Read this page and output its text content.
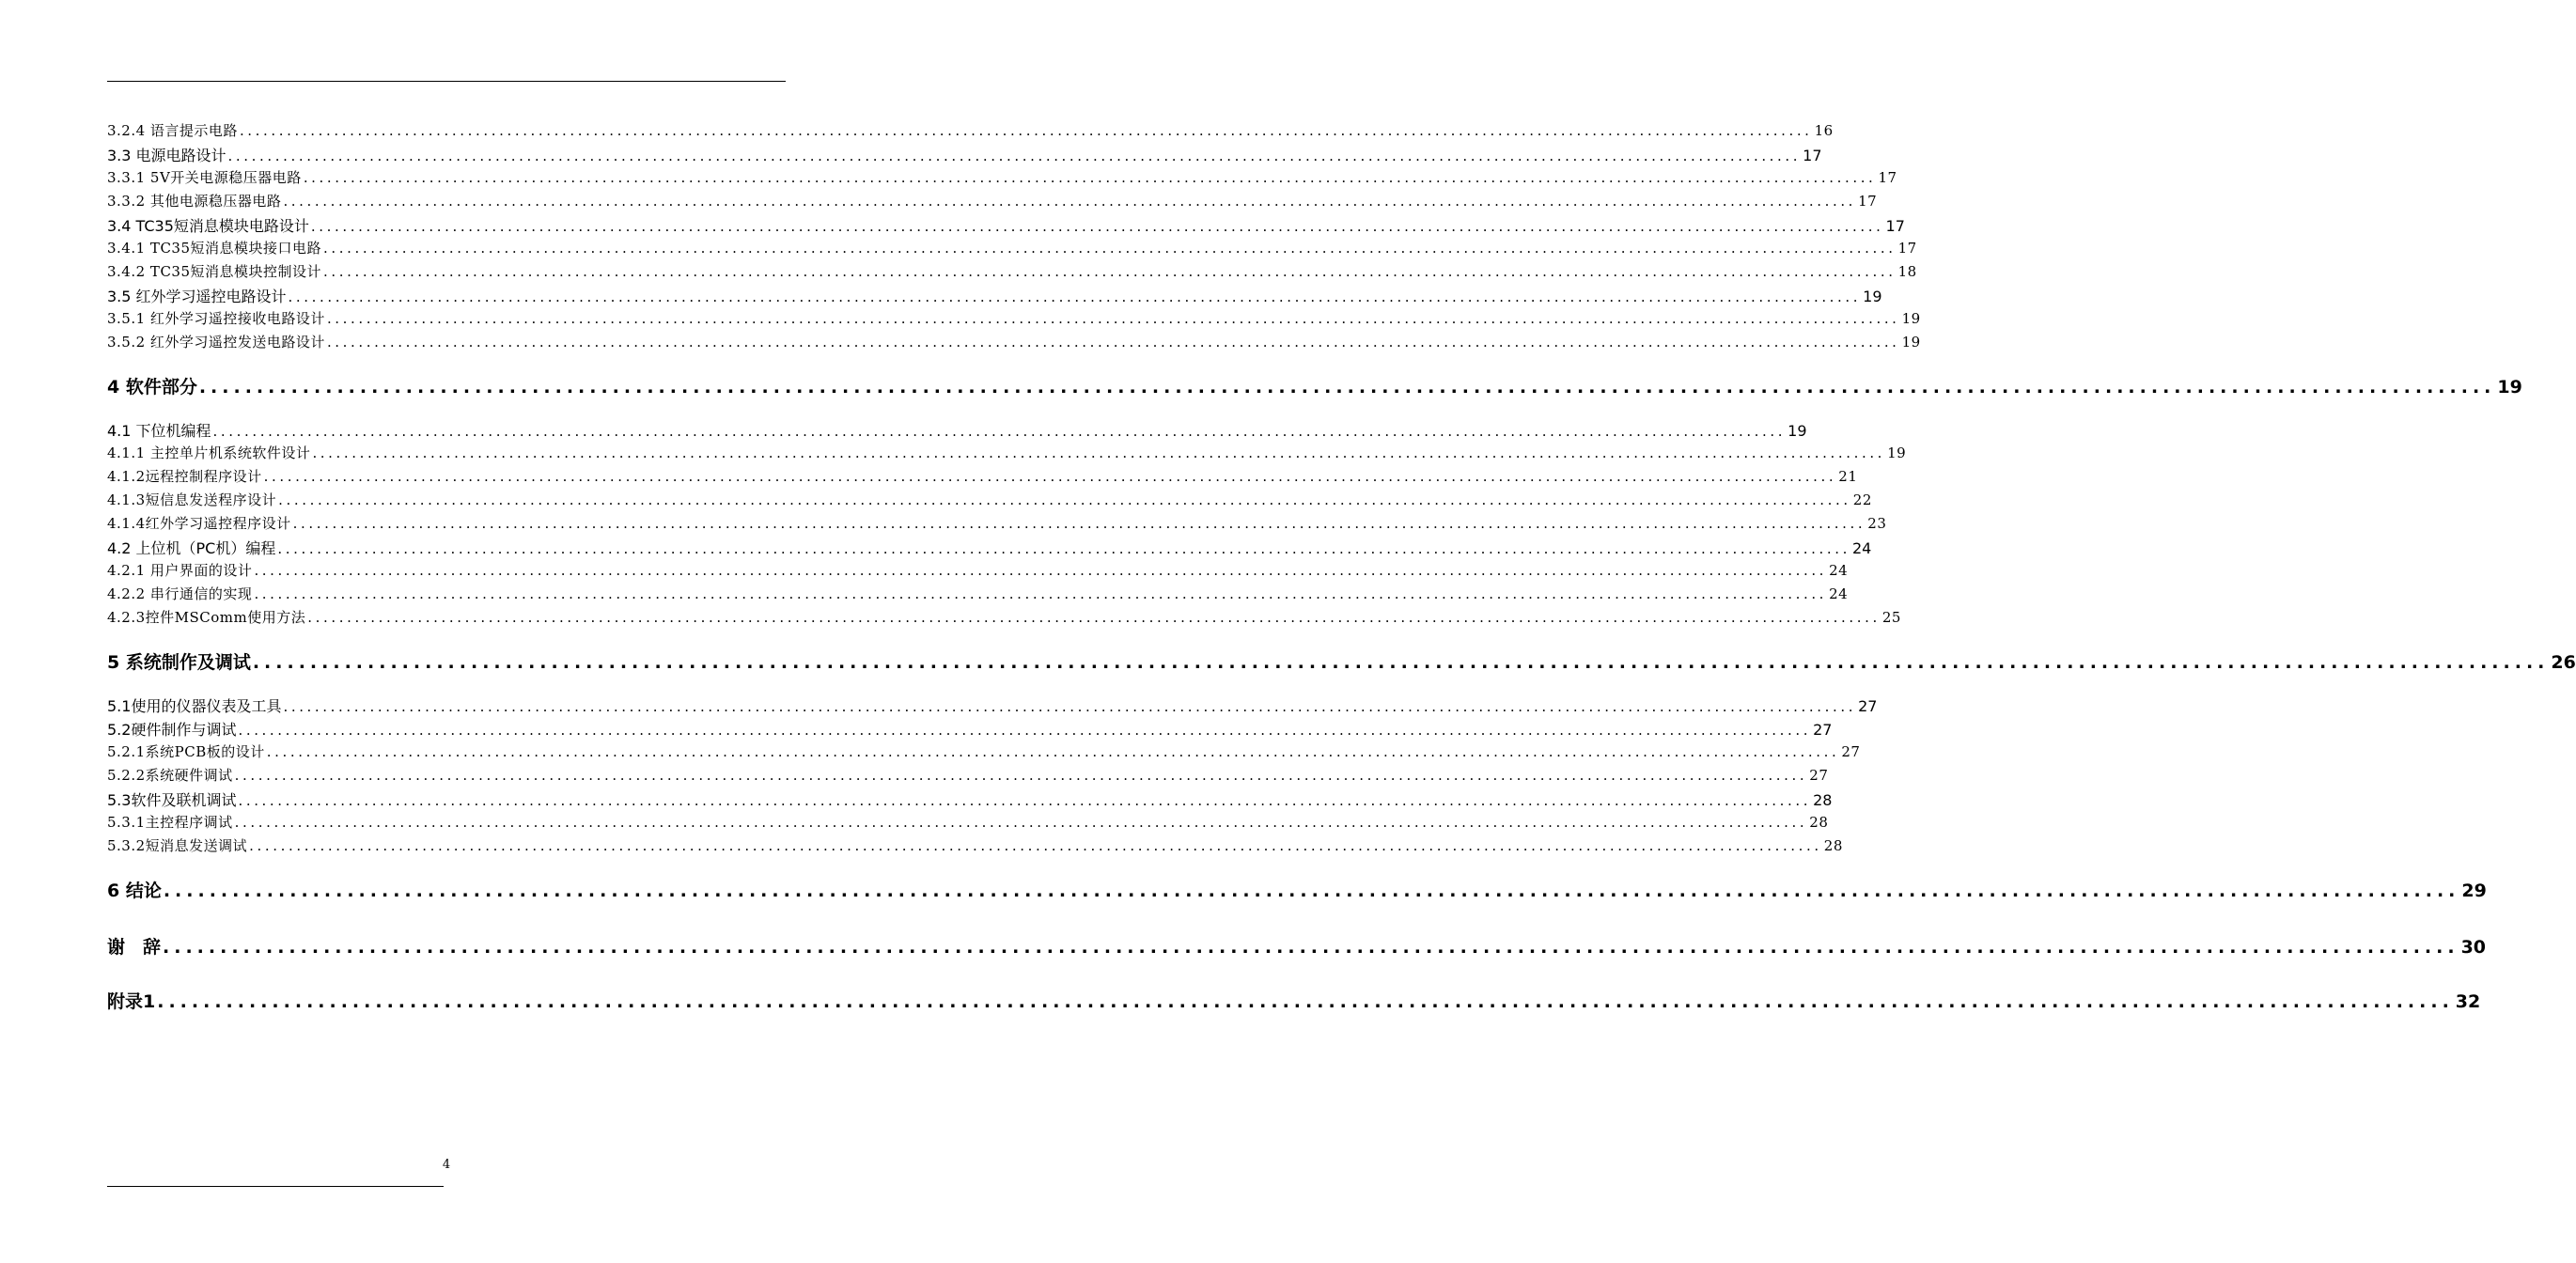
3.2.4 语言提示电路 ........................................................................................................................................................................................................ 16
3.3 电源电路设计 ........................................................................................................................................................................................................ 17
3.3.1 5V开关电源稳压器电路 ........................................................................................................................................................................................................ 17
3.3.2 其他电源稳压器电路 ........................................................................................................................................................................................................ 17
3.4 TC35短消息模块电路设计 ........................................................................................................................................................................................................ 17
3.4.1 TC35短消息模块接口电路 ........................................................................................................................................................................................................ 17
3.4.2 TC35短消息模块控制设计 ........................................................................................................................................................................................................ 18
3.5 红外学习遥控电路设计 ........................................................................................................................................................................................................ 19
3.5.1 红外学习遥控接收电路设计 ........................................................................................................................................................................................................ 19
3.5.2 红外学习遥控发送电路设计 ........................................................................................................................................................................................................ 19
4 软件部分 ........................................................................................................................................................................................................ 19
4.1 下位机编程 ........................................................................................................................................................................................................ 19
4.1.1 主控单片机系统软件设计 ........................................................................................................................................................................................................ 19
4.1.2远程控制程序设计 ........................................................................................................................................................................................................ 21
4.1.3短信息发送程序设计 ........................................................................................................................................................................................................ 22
4.1.4红外学习遥控程序设计 ........................................................................................................................................................................................................ 23
4.2 上位机（PC机）编程 ........................................................................................................................................................................................................ 24
4.2.1 用户界面的设计 ........................................................................................................................................................................................................ 24
4.2.2 串行通信的实现 ........................................................................................................................................................................................................ 24
4.2.3控件MSComm使用方法 ........................................................................................................................................................................................................ 25
5 系统制作及调试 ........................................................................................................................................................................................................ 26
5.1使用的仪器仪表及工具 ........................................................................................................................................................................................................ 27
5.2硬件制作与调试 ........................................................................................................................................................................................................ 27
5.2.1系统PCB板的设计 ........................................................................................................................................................................................................ 27
5.2.2系统硬件调试 ........................................................................................................................................................................................................ 27
5.3软件及联机调试 ........................................................................................................................................................................................................ 28
5.3.1主控程序调试 ........................................................................................................................................................................................................ 28
5.3.2短消息发送调试 ........................................................................................................................................................................................................ 28
6 结论 ........................................................................................................................................................................................................ 29
谢　辞 ........................................................................................................................................................................................................ 30
附录1 ........................................................................................................................................................................................................ 32
4
